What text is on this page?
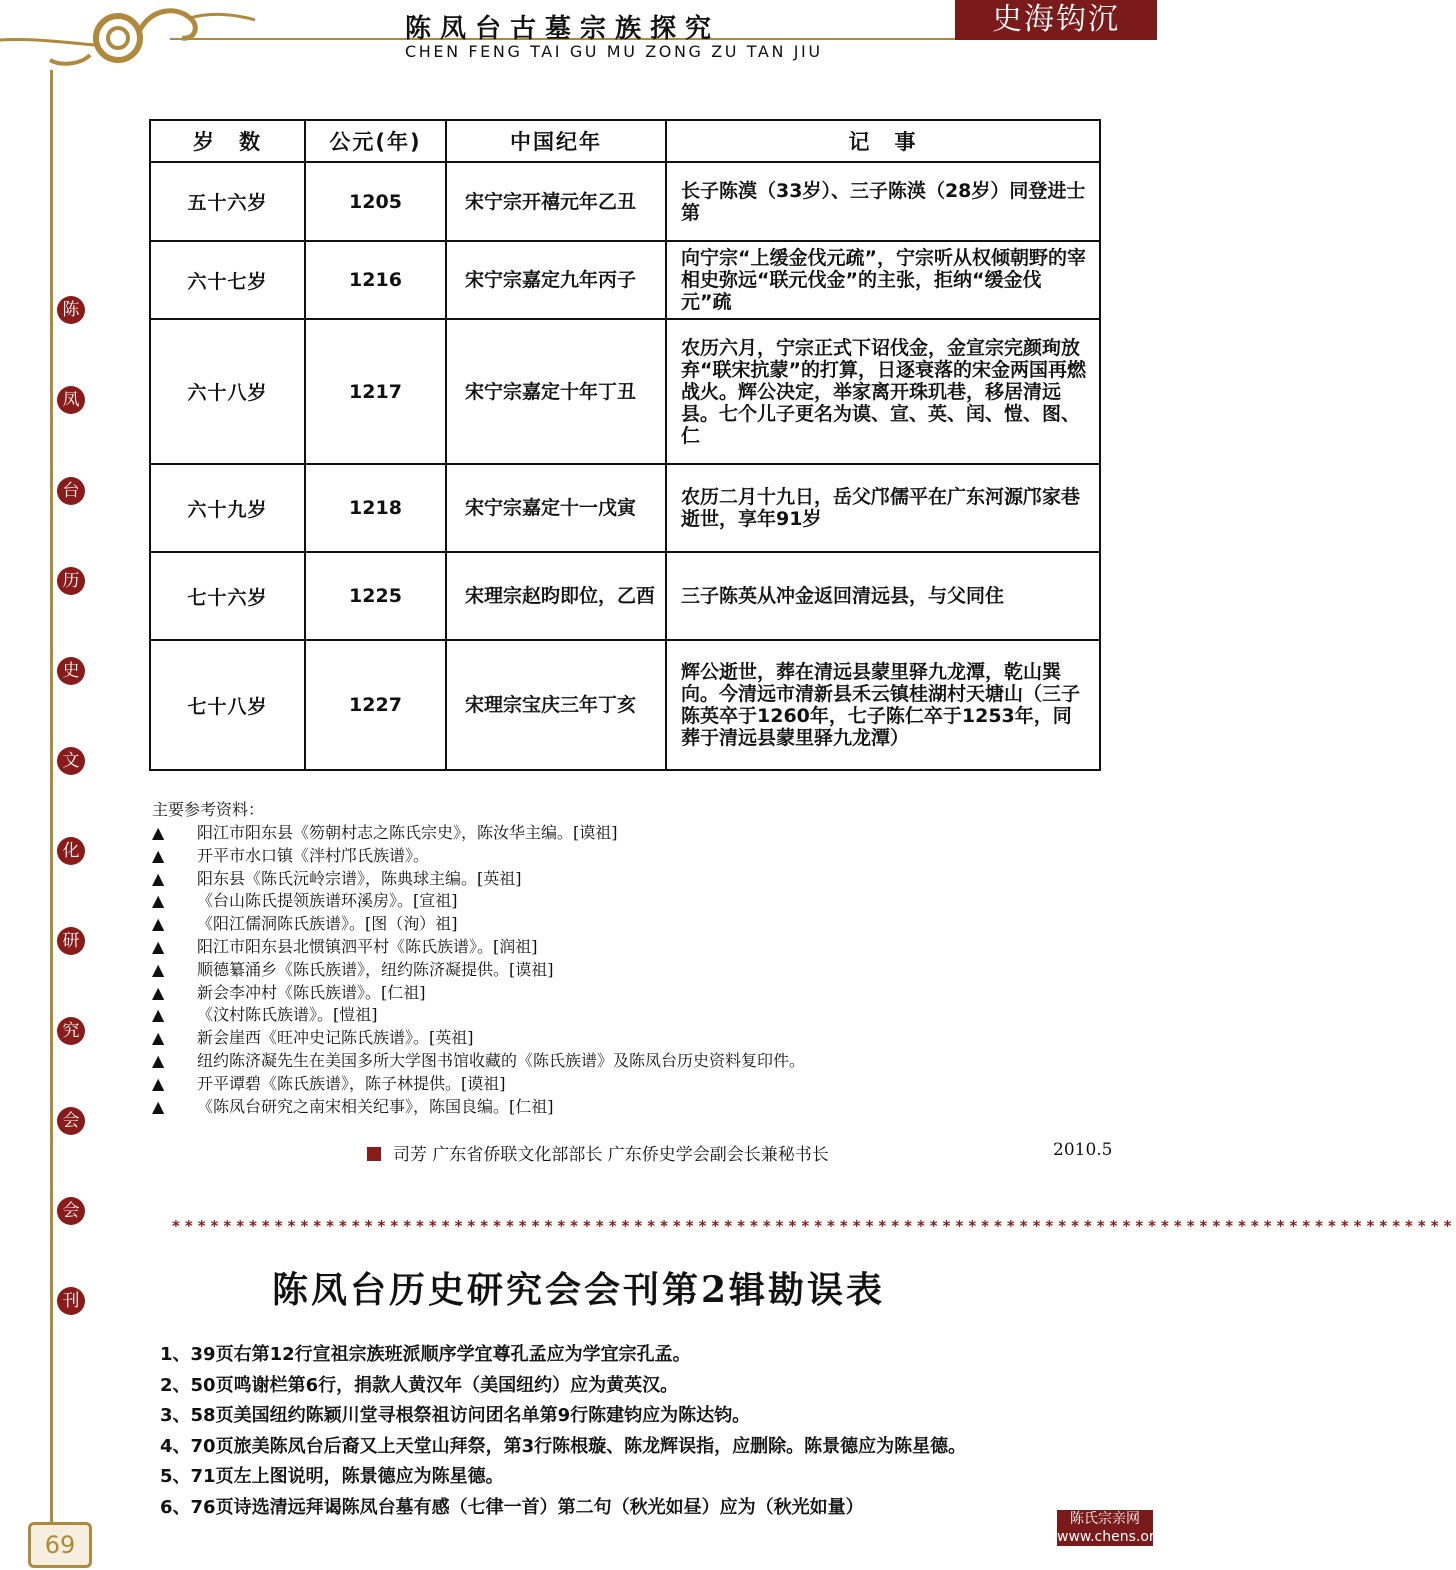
陈凤台古墓宗族探究
CHEN FENG TAI GU MU ZONG ZU TAN JIU
史海钩沉
陈
凤
台
历
史
文
化
研
究
会
会
刊
岁　数	公元(年)	中国纪年	记　事
五十六岁	1205	宋宁宗开禧元年乙丑	长子陈漠（33岁）、三子陈渶（28岁）同登进士第
六十七岁	1216	宋宁宗嘉定九年丙子	向宁宗“上缓金伐元疏”，宁宗听从权倾朝野的宰相史弥远“联元伐金”的主张，拒纳“缓金伐元”疏
六十八岁	1217	宋宁宗嘉定十年丁丑	农历六月，宁宗正式下诏伐金，金宣宗完颜珣放弃“联宋抗蒙”的打算，日逐衰落的宋金两国再燃战火。辉公决定，举家离开珠玑巷，移居清远县。七个儿子更名为谟、宣、英、闰、愷、图、仁
六十九岁	1218	宋宁宗嘉定十一戊寅	农历二月十九日，岳父邝儒平在广东河源邝家巷逝世，享年91岁
七十六岁	1225	宋理宗赵昀即位，乙酉	三子陈英从冲金返回清远县，与父同住
七十八岁	1227	宋理宗宝庆三年丁亥	辉公逝世，葬在清远县蒙里驿九龙潭，乾山巽向。今清远市清新县禾云镇桂湖村天塘山（三子陈英卒于1260年，七子陈仁卒于1253年，同葬于清远县蒙里驿九龙潭）
主要参考资料：
▲ 阳江市阳东县《笏朝村志之陈氏宗史》，陈汝华主编。[谟祖]
▲ 开平市水口镇《泮村邝氏族谱》。
▲ 阳东县《陈氏沅岭宗谱》，陈典球主编。[英祖]
▲ 《台山陈氏提领族谱环溪房》。[宣祖]
▲ 《阳江儒洞陈氏族谱》。[图（洵）祖]
▲ 阳江市阳东县北惯镇泗平村《陈氏族谱》。[润祖]
▲ 顺德纂涌乡《陈氏族谱》，纽约陈济凝提供。[谟祖]
▲ 新会李冲村《陈氏族谱》。[仁祖]
▲ 《汶村陈氏族谱》。[愷祖]
▲ 新会崖西《旺冲史记陈氏族谱》。[英祖]
▲ 纽约陈济凝先生在美国多所大学图书馆收藏的《陈氏族谱》及陈凤台历史资料复印件。
▲ 开平谭碧《陈氏族谱》，陈子林提供。[谟祖]
▲ 《陈凤台研究之南宋相关纪事》，陈国良编。[仁祖]
司芳 广东省侨联文化部部长 广东侨史学会副会长兼秘书长	2010.5
****************************************************************************************************
陈凤台历史研究会会刊第2辑勘误表
1、39页右第12行宣祖宗族班派顺序学宜尊孔孟应为学宜宗孔孟。
2、50页鸣谢栏第6行，捐款人黄汉年（美国纽约）应为黄英汉。
3、58页美国纽约陈颖川堂寻根祭祖访问团名单第9行陈建钧应为陈达钧。
4、70页旅美陈凤台后裔又上天堂山拜祭，第3行陈根璇、陈龙辉误指，应删除。陈景德应为陈星德。
5、71页左上图说明，陈景德应为陈星德。
6、76页诗选清远拜谒陈凤台墓有感（七律一首）第二句（秋光如昼）应为（秋光如量）
69
陈氏宗亲网
www.chens.org.cn
